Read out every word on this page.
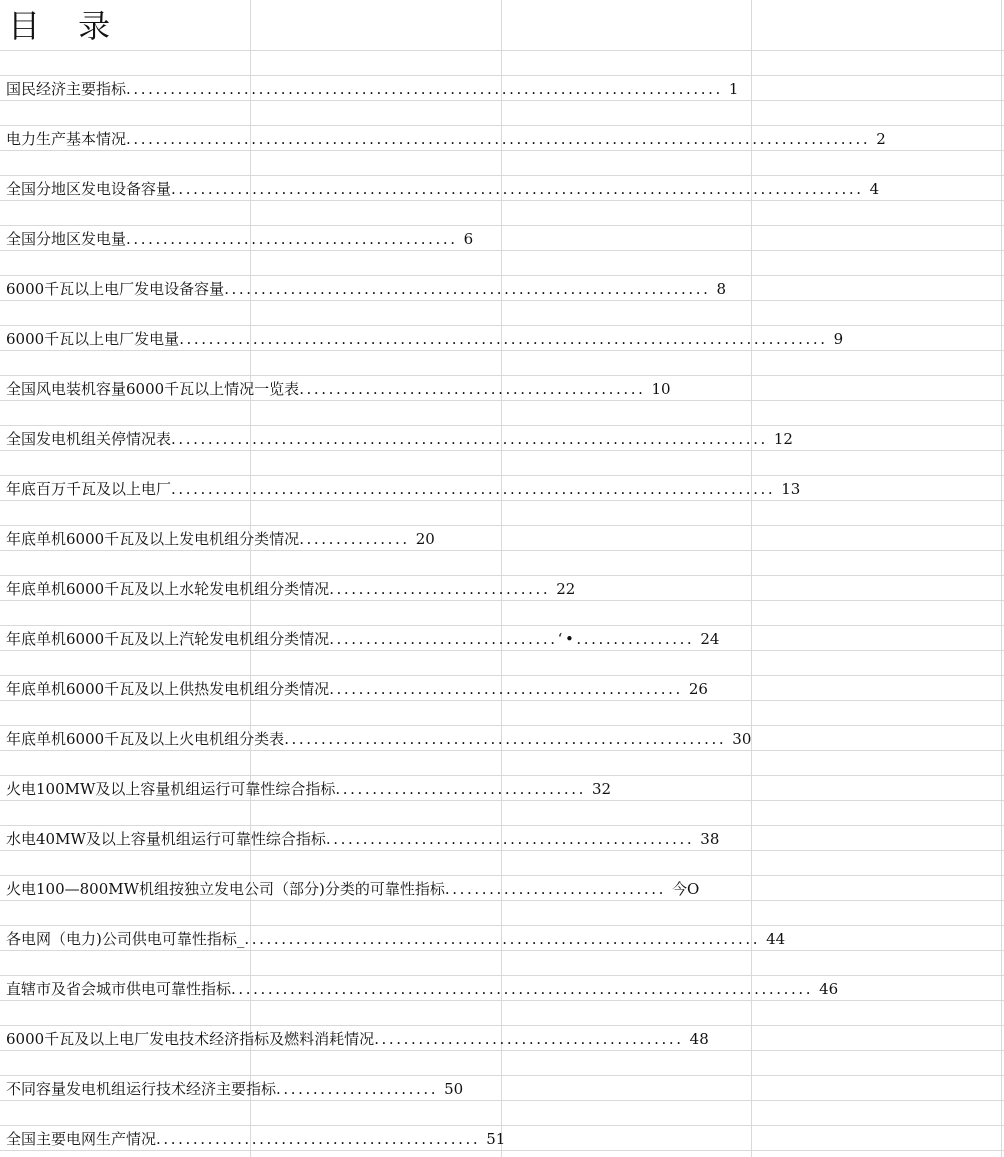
目 录
国民经济主要指标................................................................................. 1
电力生产基本情况..................................................................................................... 2
全国分地区发电设备容量.............................................................................................. 4
全国分地区发电量............................................. 6
6000千瓦以上电厂发电设备容量.................................................................. 8
6000千瓦以上电厂发电量........................................................................................ 9
全国风电装机容量6000千瓦以上情况一览表............................................... 10
全国发电机组关停情况表................................................................................. 12
年底百万千瓦及以上电厂.................................................................................. 13
年底单机6000千瓦及以上发电机组分类情况............... 20
年底单机6000千瓦及以上水轮发电机组分类情况.............................. 22
年底单机6000千瓦及以上汽轮发电机组分类情况...............................‘•................ 24
年底单机6000千瓦及以上供热发电机组分类情况................................................ 26
年底单机6000千瓦及以上火电机组分类表............................................................ 30
火电100MW及以上容量机组运行可靠性综合指标.................................. 32
水电40MW及以上容量机组运行可靠性综合指标.................................................. 38
火电100—800MW机组按独立发电公司（部分)分类的可靠性指标.............................. 今O
各电网（电力)公司供电可靠性指标_...................................................................... 44
直辖市及省会城市供电可靠性指标............................................................................... 46
6000千瓦及以上电厂发电技术经济指标及燃料消耗情况.......................................... 48
不同容量发电机组运行技术经济主要指标...................... 50
全国主要电网生产情况............................................ 51
